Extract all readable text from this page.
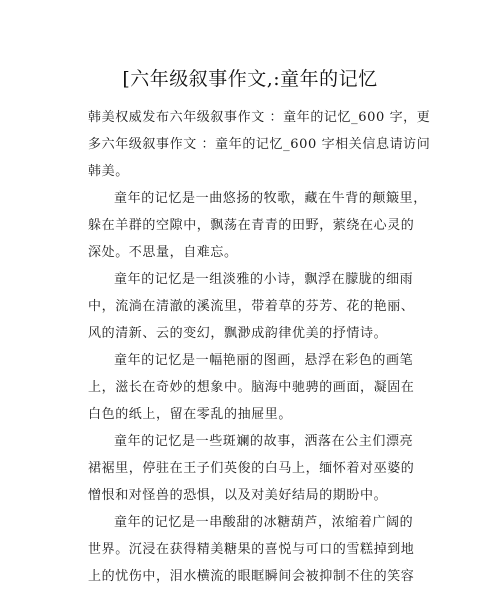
[六年级叙事作文,:童年的记忆

韩美权威发布六年级叙事作文 ：童年的记忆_600 字，更
多六年级叙事作文 ：童年的记忆_600 字相关信息请访问
韩美。

童年的记忆是一曲悠扬的牧歌，藏在牛背的颠簸里，
躲在羊群的空隙中，飘荡在青青的田野，萦绕在心灵的
深处。不思量，自难忘。

童年的记忆是一组淡雅的小诗，飘浮在朦胧的细雨
中，流淌在清澈的溪流里，带着草的芬芳、花的艳丽、
风的清新、云的变幻，飘渺成韵律优美的抒情诗。

童年的记忆是一幅艳丽的图画，悬浮在彩色的画笔
上，滋长在奇妙的想象中。脑海中驰骋的画面，凝固在
白色的纸上，留在零乱的抽屉里。

童年的记忆是一些斑斓的故事，洒落在公主们漂亮
裙裾里，停驻在王子们英俊的白马上，缅怀着对巫婆的
憎恨和对怪兽的恐惧，以及对美好结局的期盼中。

童年的记忆是一串酸甜的冰糖葫芦，浓缩着广阔的
世界。沉浸在获得精美糖果的喜悦与可口的雪糕掉到地
上的忧伤中，泪水横流的眼眶瞬间会被抑制不住的笑容
